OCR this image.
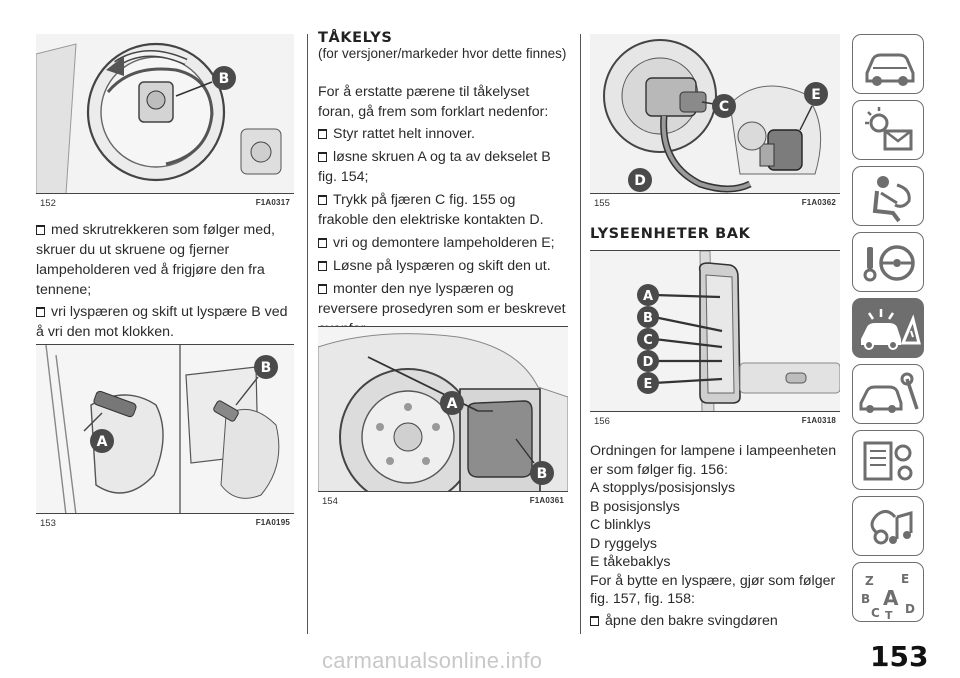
B
152	F1A0317

med skrutrekkeren som følger med, skruer du ut skruene og fjerner lampeholderen ved å frigjøre den fra tennene;

vri lyspæren og skift ut lyspære B ved å vri den mot klokken.

A
B
153	F1A0195
TÅKELYS
(for versjoner/markeder hvor dette finnes)
For å erstatte pærene til tåkelyset foran, gå frem som forklart nedenfor:

Styr rattet helt innover.

løsne skruen A og ta av dekselet B fig. 154;

Trykk på fjæren C fig. 155 og frakoble den elektriske kontakten D.

vri og demontere lampeholderen E;

Løsne på lyspæren og skift den ut.

monter den nye lyspæren og reversere prosedyren som er beskrevet

A
B
154	F1A0361
C
D
E
155	F1A0362
LYSEENHETER BAK
A
B
C
D
E
156	F1A0318

Ordningen for lampene i lampeenheten er som følger fig. 156:

A stopplys/posisjonslys

B posisjonslys

C blinklys

D ryggelys

E tåkebaklys

For å bytte en lyspære, gjør som følger fig. 157, fig. 158:

åpne den bakre svingdøren

Z E
B A
C T D
153
carmanualsonline.info
